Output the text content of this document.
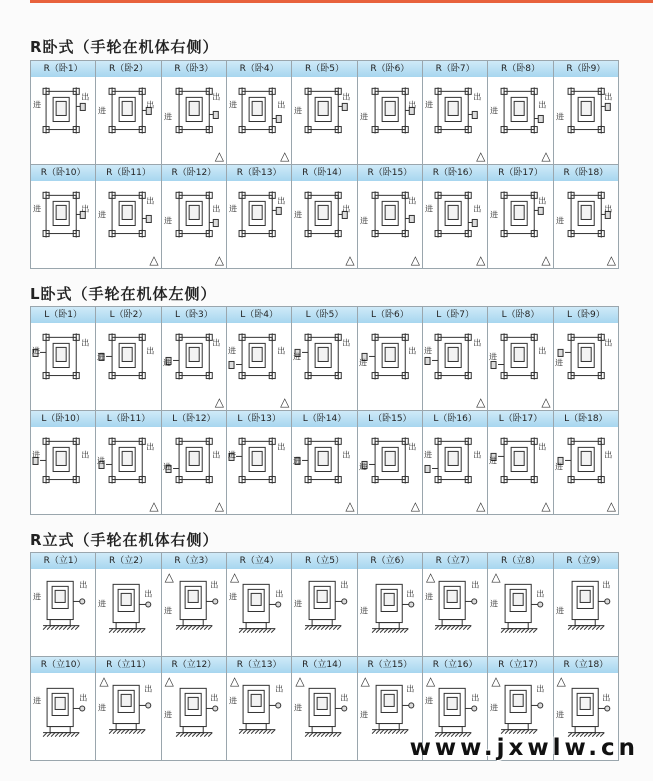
R卧式（手轮在机体右侧）
R（卧1）
进
出
R（卧2）
进
出
R（卧3）
进
出
△
R（卧4）
进	出
△
R（卧5）
进
出
R（卧6）
进
出
R（卧7）
进
出
△
R（卧8）
进
出
△
R（卧9）
进
出
R（卧10）
进	出
R（卧11）
进
出
△
R（卧12）
进
出
△
R（卧13）
进
出
R（卧14）
进
出
△
R（卧15）
进
出
△
R（卧16）
进	出
△
R（卧17）
进
出
△
R（卧18）
进
出
△
L卧式（手轮在机体左侧）
L（卧1）
进
出
L（卧2）
进
出
L（卧3）
进
出
△
L（卧4）
进	出
△
L（卧5）
进
出
L（卧6）
进
出
L（卧7）
进
出
△
L（卧8）
进
出
△
L（卧9）
进
出
L（卧10）
进	出
L（卧11）
进
出
△
L（卧12）
进
出
△
L（卧13）
进
出
L（卧14）
进
出
△
L（卧15）
进
出
△
L（卧16）
进	出
△
L（卧17）
进
出
△
L（卧18）
进
出
△
R立式（手轮在机体右侧）
R（立1）
进
出
R（立2）
进
出
R（立3）
进
出
△
R（立4）
进	出
△
R（立5）
进
出
R（立6）
进
出
R（立7）
进
出
△
R（立8）
进
出
△
R（立9）
进
出
R（立10）
进	出
R（立11）
进
出
△
R（立12）
进
出
△
R（立13）
进
出
△
R（立14）
进
出
△
R（立15）
进
出
△
R（立16）
进	出
△
R（立17）
进
出
△
R（立18）
进
出
△
www.jxwlw.cn
